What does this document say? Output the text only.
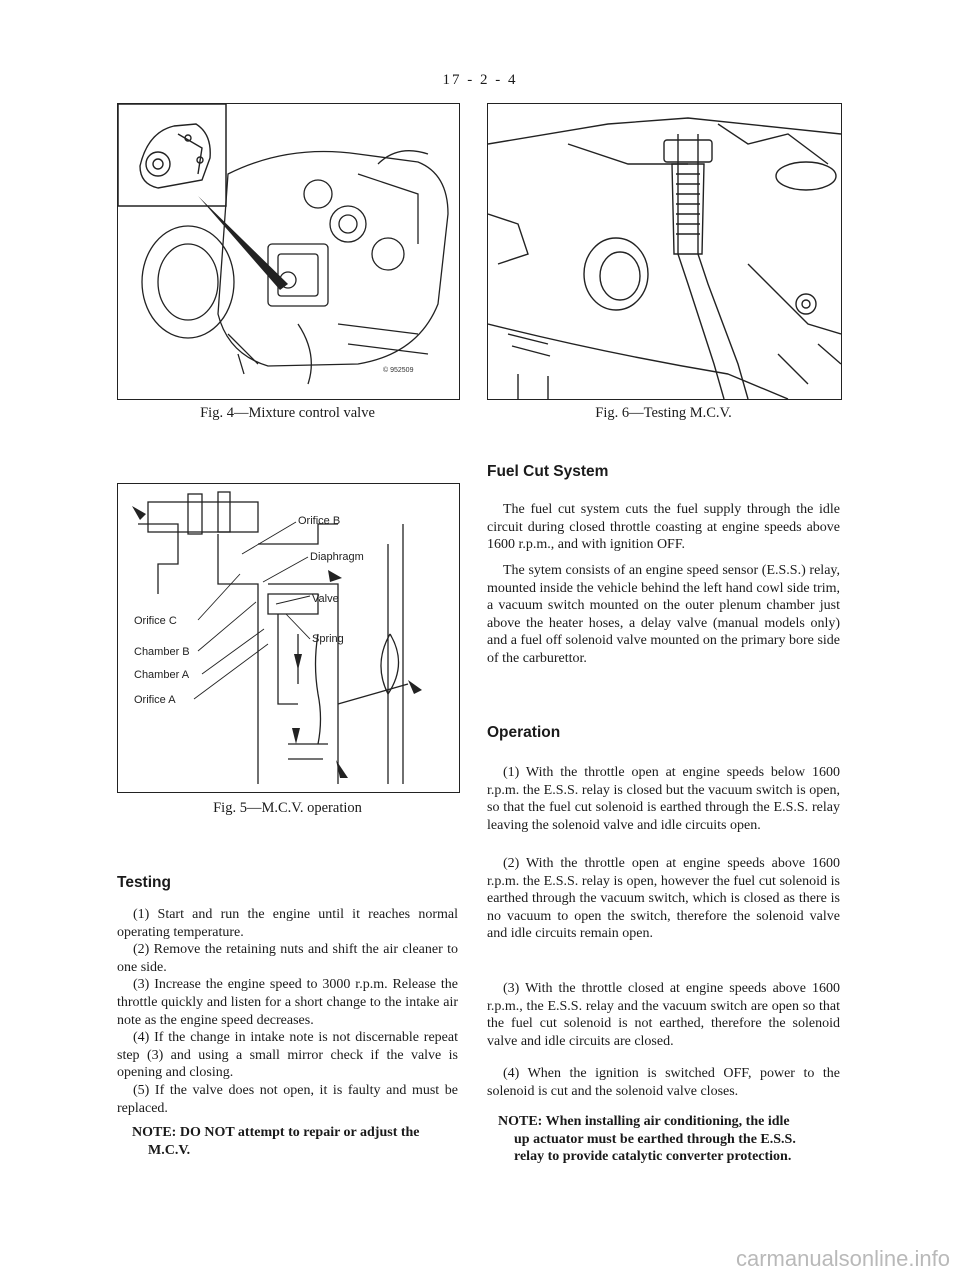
17 - 2 - 4
© 952509
Fig. 4—Mixture control valve	Fig. 6—Testing M.C.V.
Orifice B
Diaphragm
Valve
Spring
Orifice C
Chamber B
Chamber A
Orifice A
Fig. 5—M.C.V. operation
Testing

(1) Start and run the engine until it reaches normal operating temperature.

(2) Remove the retaining nuts and shift the air cleaner to one side.

(3) Increase the engine speed to 3000 r.p.m. Release the throttle quickly and listen for a short change to the intake air note as the engine speed decreases.

(4) If the change in intake note is not discernable repeat step (3) and using a small mirror check if the valve is opening and closing.

(5) If the valve does not open, it is faulty and must be replaced.

NOTE: DO NOT attempt to repair or adjust the
M.C.V.
Fuel Cut System

The fuel cut system cuts the fuel supply through the idle circuit during closed throttle coasting at engine speeds above 1600 r.p.m., and with ignition OFF.

The sytem consists of an engine speed sensor (E.S.S.) relay, mounted inside the vehicle behind the left hand cowl side trim, a vacuum switch mounted on the outer plenum chamber just above the heater hoses, a delay valve (manual models only) and a fuel off solenoid valve mounted on the primary bore side of the carburettor.

Operation

(1) With the throttle open at engine speeds below 1600 r.p.m. the E.S.S. relay is closed but the vacuum switch is open, so that the fuel cut solenoid is earthed through the E.S.S. relay leaving the solenoid valve and idle circuits open.

(2) With the throttle open at engine speeds above 1600 r.p.m. the E.S.S. relay is open, however the fuel cut solenoid is earthed through the vacuum switch, which is closed as there is no vacuum to open the switch, therefore the solenoid valve and idle circuits remain open.

(3) With the throttle closed at engine speeds above 1600 r.p.m., the E.S.S. relay and the vacuum switch are open so that the fuel cut solenoid is not earthed, therefore the solenoid valve and idle circuits are closed.

(4) When the ignition is switched OFF, power to the solenoid is cut and the solenoid valve closes.

NOTE: When installing air conditioning, the idle
up actuator must be earthed through the E.S.S.
relay to provide catalytic converter protection.
carmanualsonline.info
